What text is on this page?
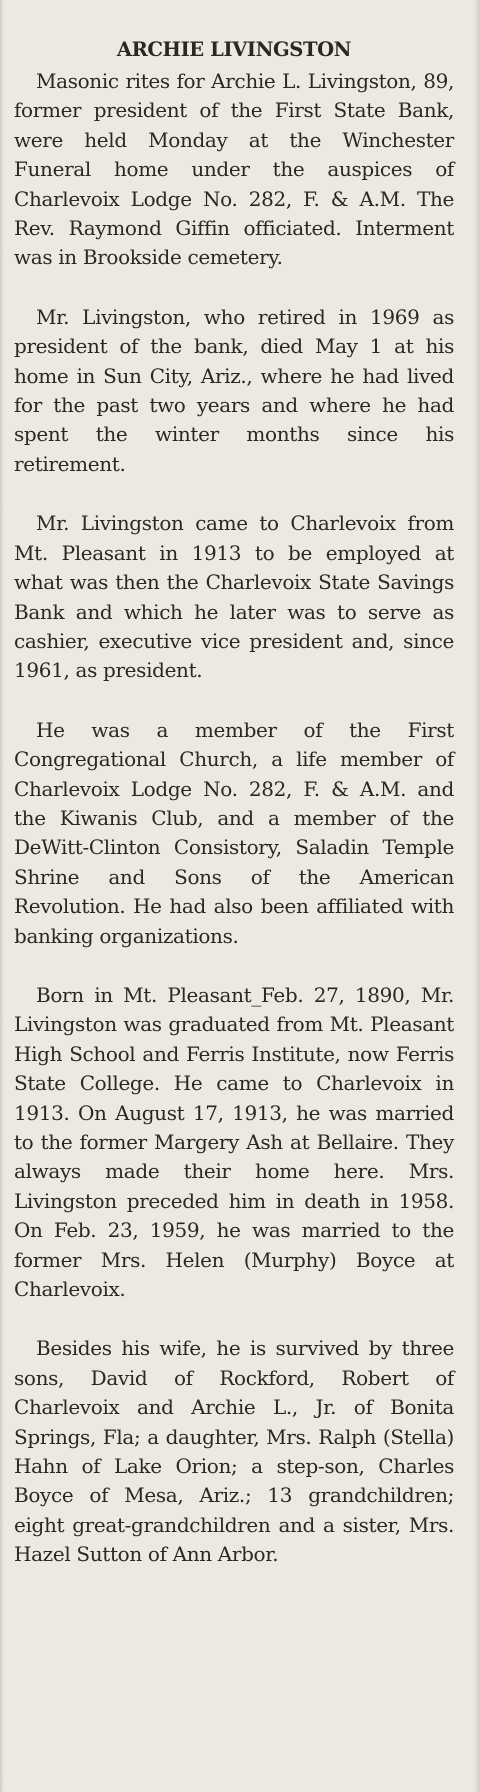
ARCHIE LIVINGSTON

Masonic rites for Archie L. Livingston, 89, former president of the First State Bank, were held Monday at the Winchester Funeral home under the auspices of Charlevoix Lodge No. 282, F. & A.M. The Rev. Raymond Giffin officiated. Interment was in Brookside cemetery.

Mr. Livingston, who retired in 1969 as president of the bank, died May 1 at his home in Sun City, Ariz., where he had lived for the past two years and where he had spent the winter months since his retirement.

Mr. Livingston came to Charlevoix from Mt. Pleasant in 1913 to be employed at what was then the Charlevoix State Savings Bank and which he later was to serve as cashier, executive vice president and, since 1961, as president.

He was a member of the First Congregational Church, a life member of Charlevoix Lodge No. 282, F. & A.M. and the Kiwanis Club, and a member of the DeWitt-Clinton Consistory, Saladin Temple Shrine and Sons of the American Revolution. He had also been affiliated with banking organizations.

Born in Mt. Pleasant_Feb. 27, 1890, Mr. Livingston was graduated from Mt. Pleasant High School and Ferris Institute, now Ferris State College. He came to Charlevoix in 1913. On August 17, 1913, he was married to the former Margery Ash at Bellaire. They always made their home here. Mrs. Livingston preceded him in death in 1958. On Feb. 23, 1959, he was married to the former Mrs. Helen (Murphy) Boyce at Charlevoix.

Besides his wife, he is survived by three sons, David of Rockford, Robert of Charlevoix and Archie L., Jr. of Bonita Springs, Fla; a daughter, Mrs. Ralph (Stella) Hahn of Lake Orion; a step-son, Charles Boyce of Mesa, Ariz.; 13 grandchildren; eight great-grandchildren and a sister, Mrs. Hazel Sutton of Ann Arbor.
